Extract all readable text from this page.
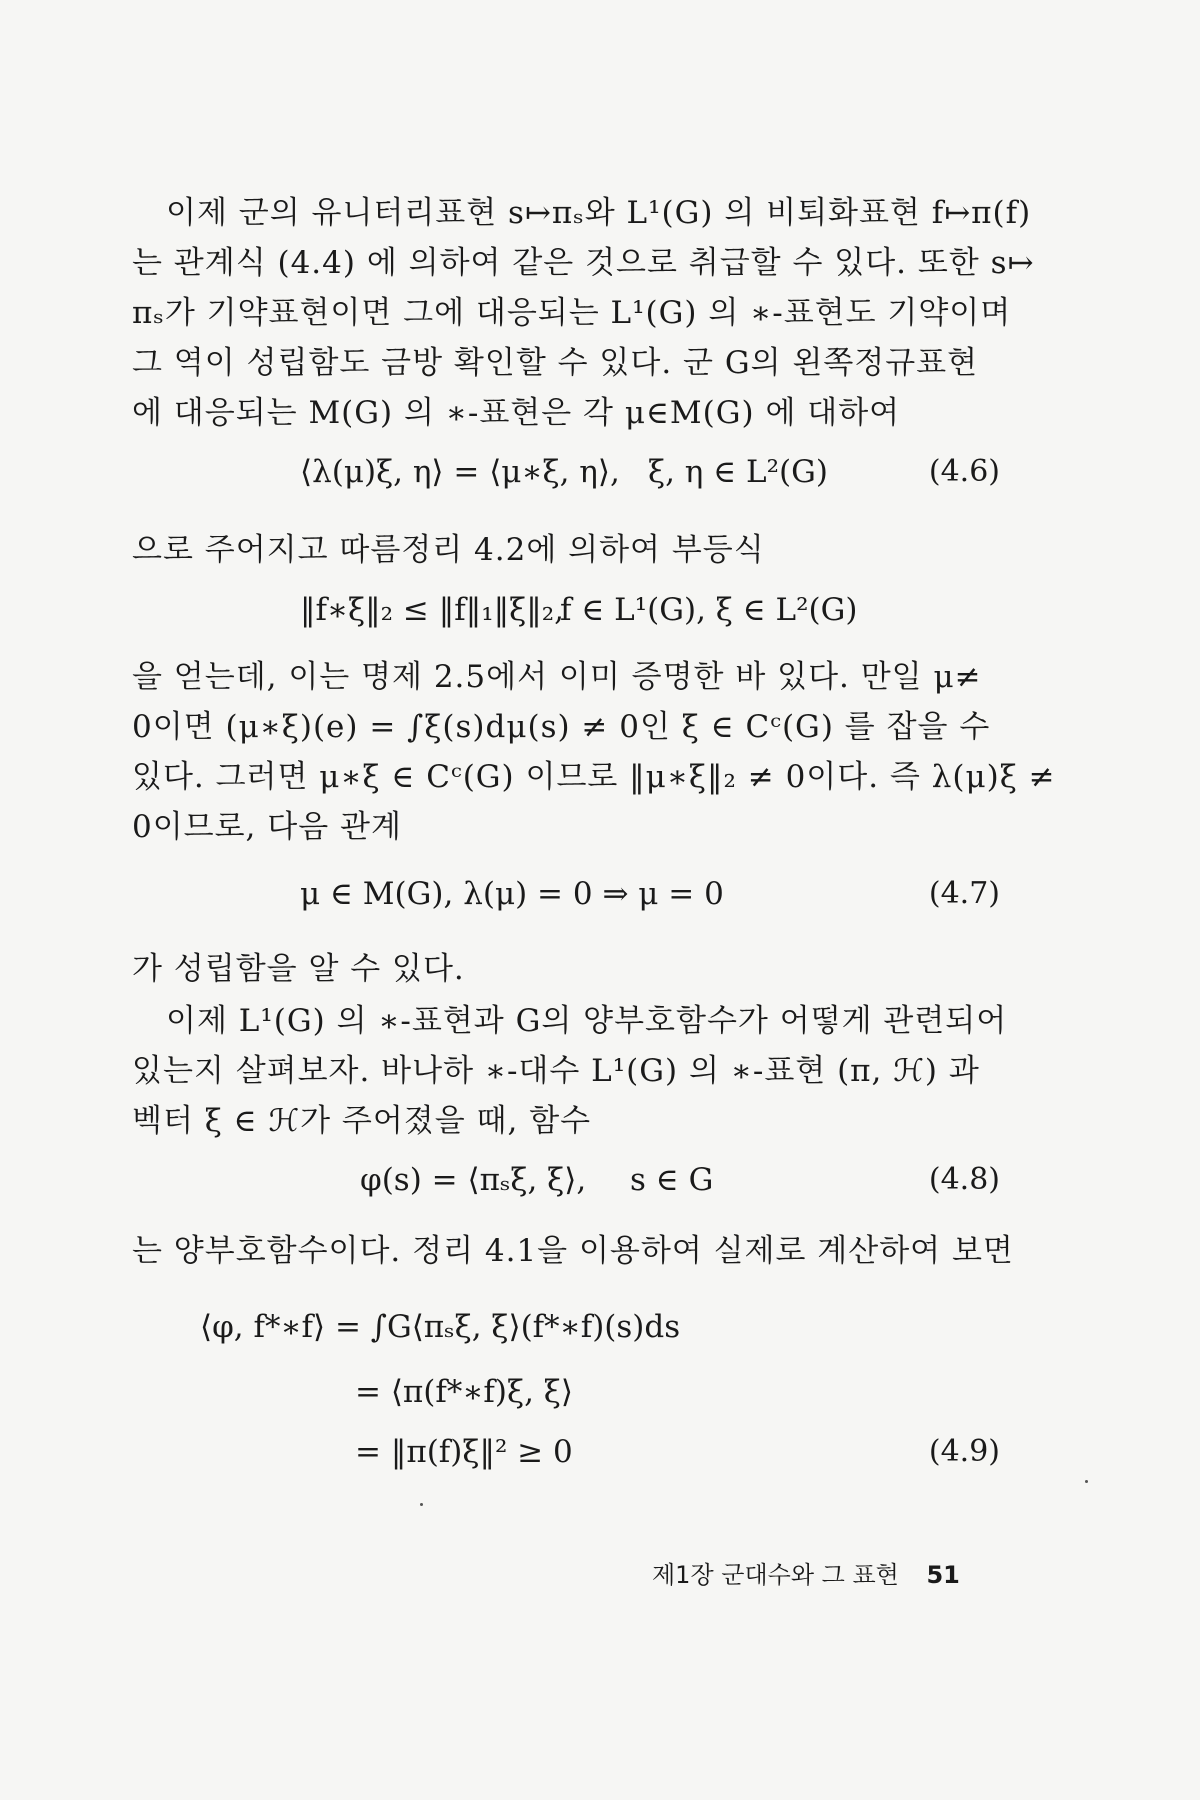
이제 군의 유니터리표현 s↦πₛ와 L¹(G) 의 비퇴화표현 f↦π(f)

는 관계식 (4.4) 에 의하여 같은 것으로 취급할 수 있다. 또한 s↦

πₛ가 기약표현이면 그에 대응되는 L¹(G) 의 ∗-표현도 기약이며

그 역이 성립함도 금방 확인할 수 있다. 군 G의 왼쪽정규표현

에 대응되는 M(G) 의 ∗-표현은 각 μ∈M(G) 에 대하여

⟨λ(μ)ξ, η⟩ = ⟨μ∗ξ, η⟩, ξ, η ∈ L²(G)	(4.6)

으로 주어지고 따름정리 4.2에 의하여 부등식

‖f∗ξ‖₂ ≤ ‖f‖₁‖ξ‖₂,
f ∈ L¹(G), ξ ∈ L²(G)

을 얻는데, 이는 명제 2.5에서 이미 증명한 바 있다. 만일 μ≠

0이면 (μ∗ξ)(e) = ∫ξ(s)dμ(s) ≠ 0인 ξ ∈ Cᶜ(G) 를 잡을 수

있다. 그러면 μ∗ξ ∈ Cᶜ(G) 이므로 ‖μ∗ξ‖₂ ≠ 0이다. 즉 λ(μ)ξ ≠

0이므로, 다음 관계

μ ∈ M(G), λ(μ) = 0 ⇒ μ = 0	(4.7)

가 성립함을 알 수 있다.

이제 L¹(G) 의 ∗-표현과 G의 양부호함수가 어떻게 관련되어

있는지 살펴보자. 바나하 ∗-대수 L¹(G) 의 ∗-표현 (π, ℋ) 과

벡터 ξ ∈ ℋ가 주어졌을 때, 함수

φ(s) = ⟨πₛξ, ξ⟩, s ∈ G	(4.8)

는 양부호함수이다. 정리 4.1을 이용하여 실제로 계산하여 보면

⟨φ, f*∗f⟩ = ∫G⟨πₛξ, ξ⟩(f*∗f)(s)ds
= ⟨π(f*∗f)ξ, ξ⟩
= ‖π(f)ξ‖² ≥ 0	(4.9)
제1장 군대수와 그 표현 51
